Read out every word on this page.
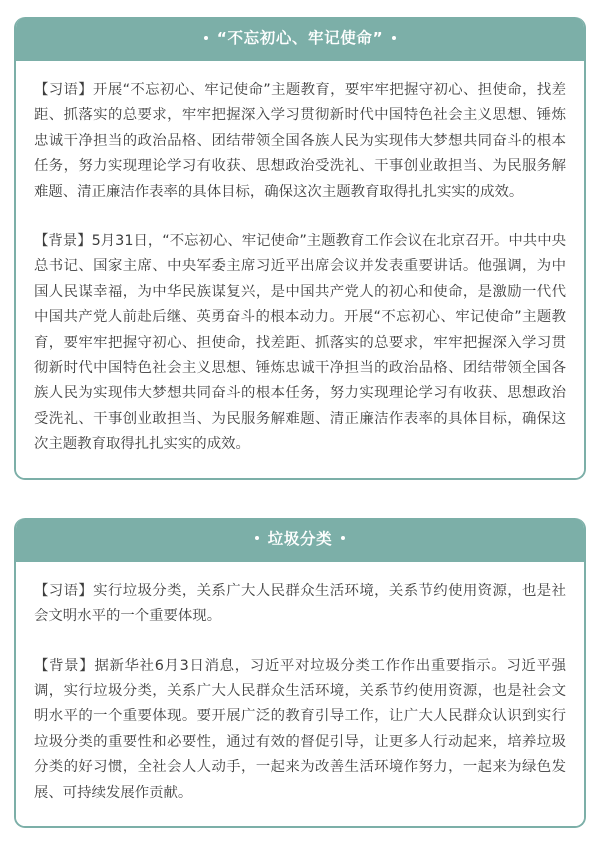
“不忘初心、牢记使命”

【习语】开展“不忘初心、牢记使命”主题教育，要牢牢把握守初心、担使命，找差距、抓落实的总要求，牢牢把握深入学习贯彻新时代中国特色社会主义思想、锤炼忠诚干净担当的政治品格、团结带领全国各族人民为实现伟大梦想共同奋斗的根本任务，努力实现理论学习有收获、思想政治受洗礼、干事创业敢担当、为民服务解难题、清正廉洁作表率的具体目标，确保这次主题教育取得扎扎实实的成效。

【背景】5月31日，“不忘初心、牢记使命”主题教育工作会议在北京召开。中共中央总书记、国家主席、中央军委主席习近平出席会议并发表重要讲话。他强调，为中国人民谋幸福，为中华民族谋复兴，是中国共产党人的初心和使命，是激励一代代中国共产党人前赴后继、英勇奋斗的根本动力。开展“不忘初心、牢记使命”主题教育，要牢牢把握守初心、担使命，找差距、抓落实的总要求，牢牢把握深入学习贯彻新时代中国特色社会主义思想、锤炼忠诚干净担当的政治品格、团结带领全国各族人民为实现伟大梦想共同奋斗的根本任务，努力实现理论学习有收获、思想政治受洗礼、干事创业敢担当、为民服务解难题、清正廉洁作表率的具体目标，确保这次主题教育取得扎扎实实的成效。

垃圾分类

【习语】实行垃圾分类，关系广大人民群众生活环境，关系节约使用资源，也是社会文明水平的一个重要体现。

【背景】据新华社6月3日消息，习近平对垃圾分类工作作出重要指示。习近平强调，实行垃圾分类，关系广大人民群众生活环境，关系节约使用资源，也是社会文明水平的一个重要体现。要开展广泛的教育引导工作，让广大人民群众认识到实行垃圾分类的重要性和必要性，通过有效的督促引导，让更多人行动起来，培养垃圾分类的好习惯，全社会人人动手，一起来为改善生活环境作努力，一起来为绿色发展、可持续发展作贡献。
